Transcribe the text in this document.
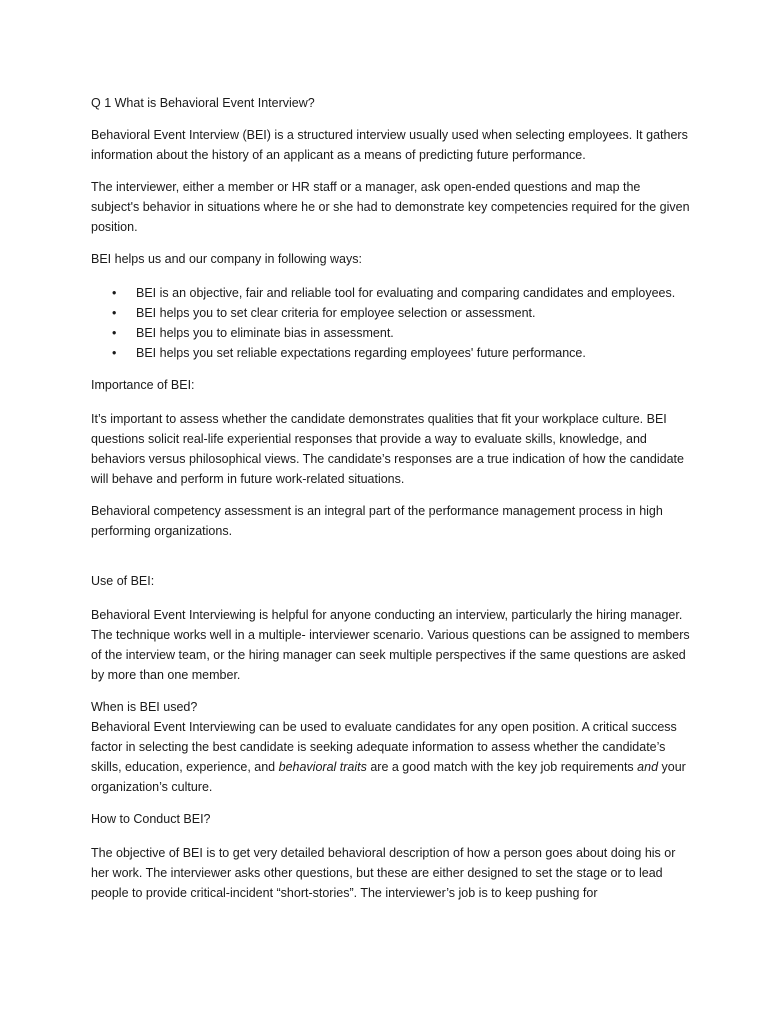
Q 1 What is Behavioral Event Interview?

Behavioral Event Interview (BEI) is a structured interview usually used when selecting employees. It gathers information about the history of an applicant as a means of predicting future performance.

The interviewer, either a member or HR staff or a manager, ask open-ended questions and map the subject's behavior in situations where he or she had to demonstrate key competencies required for the given position.

BEI helps us and our company in following ways:

• BEI is an objective, fair and reliable tool for evaluating and comparing candidates and employees.
• BEI helps you to set clear criteria for employee selection or assessment.
• BEI helps you to eliminate bias in assessment.
• BEI helps you set reliable expectations regarding employees' future performance.

Importance of BEI:

It’s important to assess whether the candidate demonstrates qualities that fit your workplace culture. BEI questions solicit real-life experiential responses that provide a way to evaluate skills, knowledge, and behaviors versus philosophical views. The candidate’s responses are a true indication of how the candidate will behave and perform in future work-related situations.

Behavioral competency assessment is an integral part of the performance management process in high performing organizations.

Use of BEI:

Behavioral Event Interviewing is helpful for anyone conducting an interview, particularly the hiring manager. The technique works well in a multiple- interviewer scenario. Various questions can be assigned to members of the interview team, or the hiring manager can seek multiple perspectives if the same questions are asked by more than one member.

When is BEI used?

Behavioral Event Interviewing can be used to evaluate candidates for any open position. A critical success factor in selecting the best candidate is seeking adequate information to assess whether the candidate’s skills, education, experience, and behavioral traits are a good match with the key job requirements and your organization’s culture.

How to Conduct BEI?

The objective of BEI is to get very detailed behavioral description of how a person goes about doing his or her work. The interviewer asks other questions, but these are either designed to set the stage or to lead people to provide critical-incident “short-stories”. The interviewer’s job is to keep pushing for
